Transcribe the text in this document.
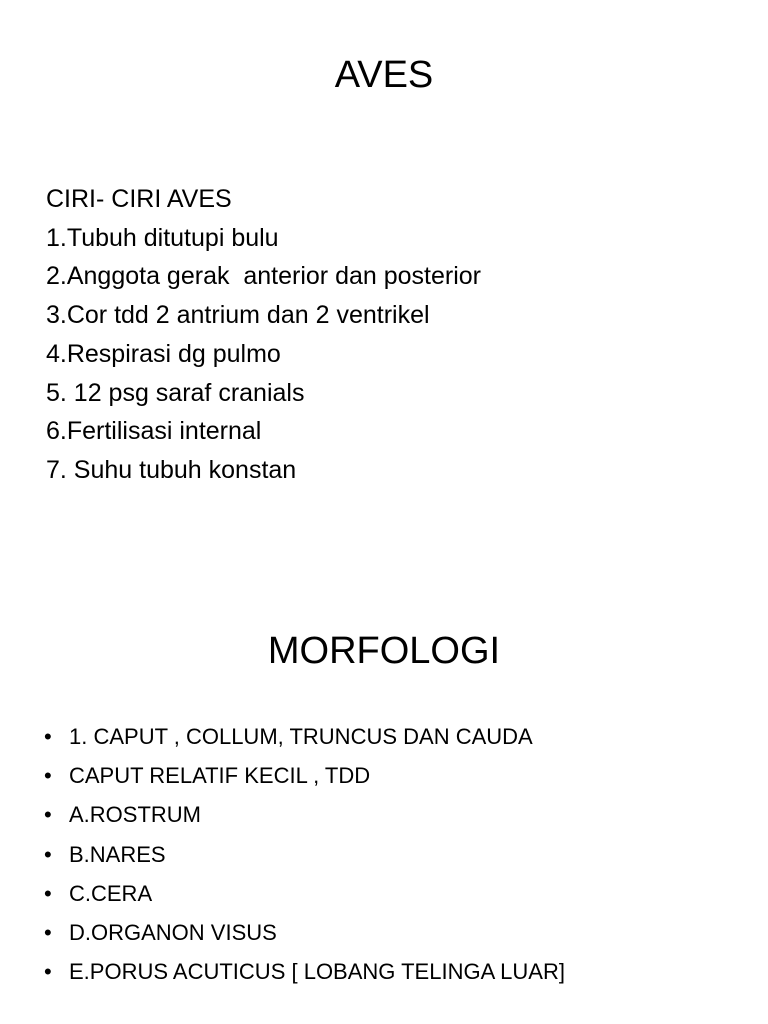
AVES
CIRI- CIRI AVES
1.Tubuh ditutupi bulu
2.Anggota gerak  anterior dan posterior
3.Cor tdd 2 antrium dan 2 ventrikel
4.Respirasi dg pulmo
5. 12 psg saraf cranials
6.Fertilisasi internal
7. Suhu tubuh konstan
MORFOLOGI
• 1. CAPUT , COLLUM, TRUNCUS DAN CAUDA
• CAPUT RELATIF KECIL , TDD
• A.ROSTRUM
• B.NARES
• C.CERA
• D.ORGANON VISUS
• E.PORUS ACUTICUS [ LOBANG TELINGA LUAR]
